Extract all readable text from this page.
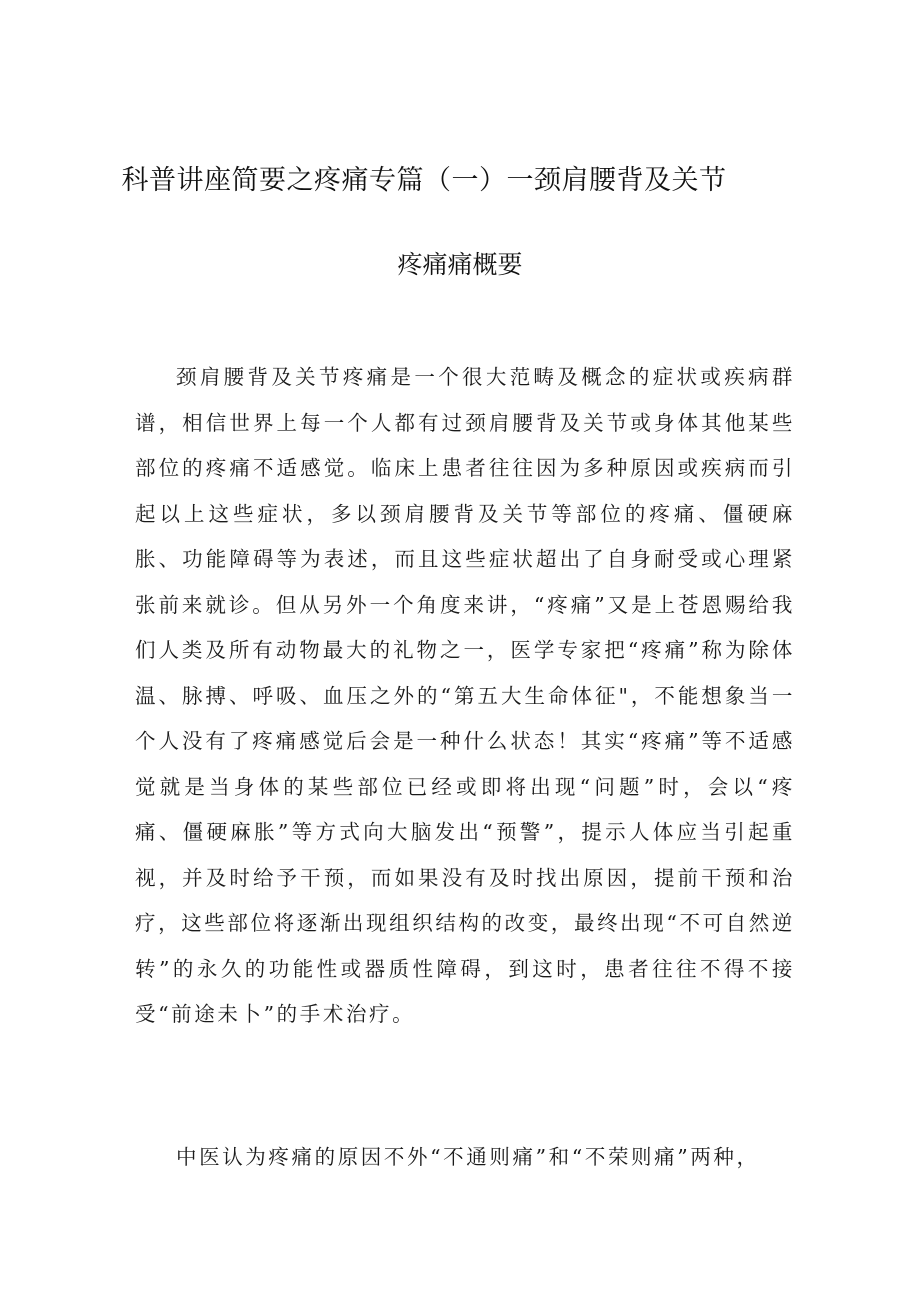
科普讲座简要之疼痛专篇（一）一颈肩腰背及关节
疼痛痛概要

颈肩腰背及关节疼痛是一个很大范畴及概念的症状或疾病群谱，相信世界上每一个人都有过颈肩腰背及关节或身体其他某些部位的疼痛不适感觉。临床上患者往往因为多种原因或疾病而引起以上这些症状，多以颈肩腰背及关节等部位的疼痛、僵硬麻胀、功能障碍等为表述，而且这些症状超出了自身耐受或心理紧张前来就诊。但从另外一个角度来讲，“疼痛”又是上苍恩赐给我们人类及所有动物最大的礼物之一，医学专家把“疼痛”称为除体温、脉搏、呼吸、血压之外的“第五大生命体征"，不能想象当一个人没有了疼痛感觉后会是一种什么状态！其实“疼痛”等不适感觉就是当身体的某些部位已经或即将出现“问题”时，会以“疼痛、僵硬麻胀”等方式向大脑发出“预警”，提示人体应当引起重视，并及时给予干预，而如果没有及时找出原因，提前干预和治疗，这些部位将逐渐出现组织结构的改变，最终出现“不可自然逆转”的永久的功能性或器质性障碍，到这时，患者往往不得不接受“前途未卜”的手术治疗。

中医认为疼痛的原因不外“不通则痛”和“不荣则痛”两种，
